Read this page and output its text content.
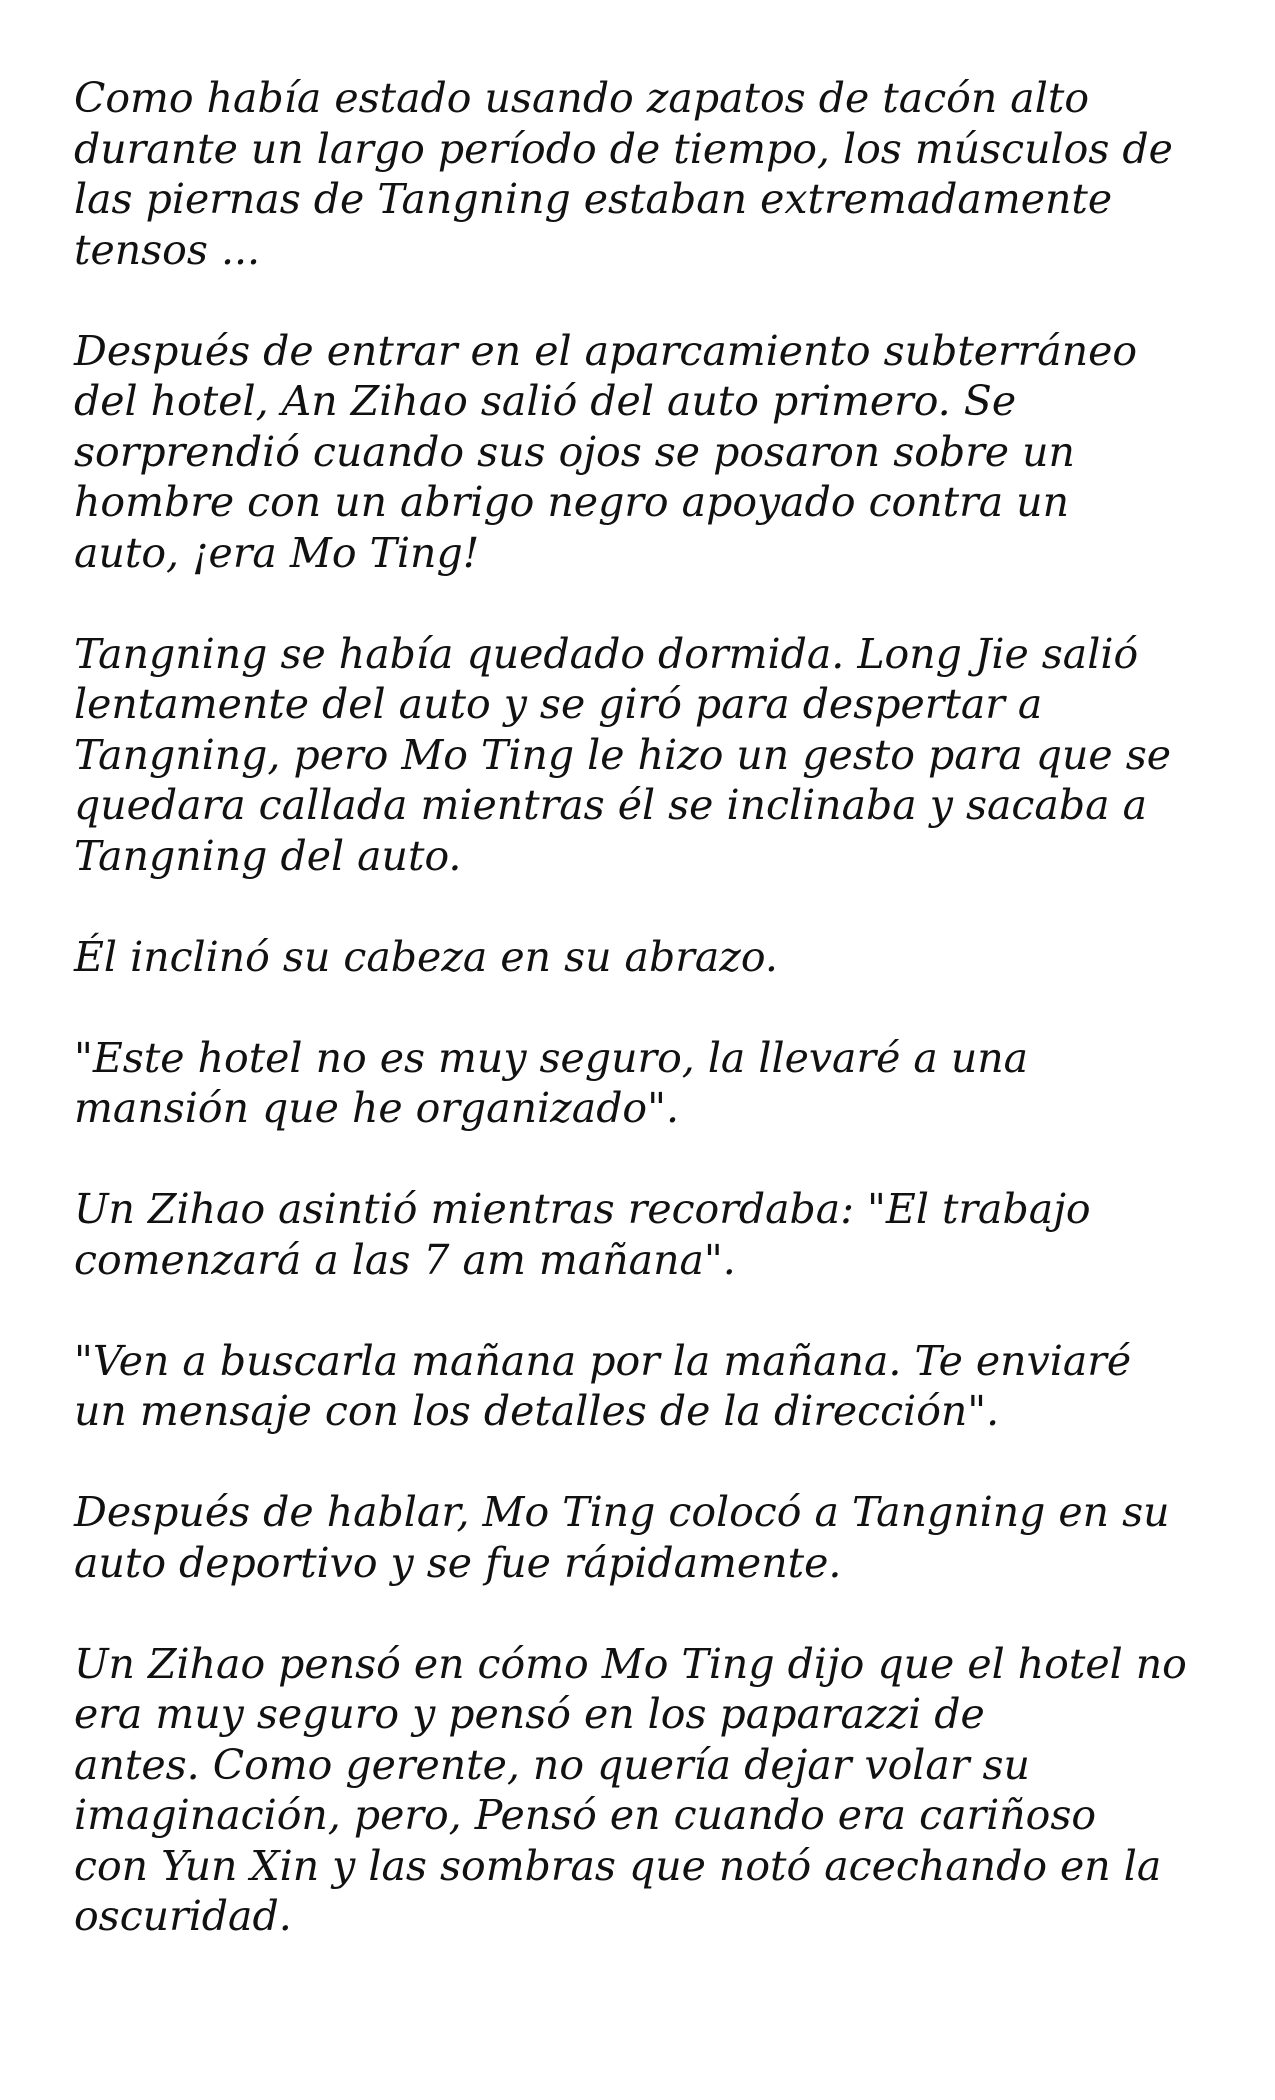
Como había estado usando zapatos de tacón alto
durante un largo período de tiempo, los músculos de
las piernas de Tangning estaban extremadamente
tensos ...

Después de entrar en el aparcamiento subterráneo
del hotel, An Zihao salió del auto primero. Se
sorprendió cuando sus ojos se posaron sobre un
hombre con un abrigo negro apoyado contra un
auto, ¡era Mo Ting!

Tangning se había quedado dormida. Long Jie salió
lentamente del auto y se giró para despertar a
Tangning, pero Mo Ting le hizo un gesto para que se
quedara callada mientras él se inclinaba y sacaba a
Tangning del auto.

Él inclinó su cabeza en su abrazo.

"Este hotel no es muy seguro, la llevaré a una
mansión que he organizado".

Un Zihao asintió mientras recordaba: "El trabajo
comenzará a las 7 am mañana".

"Ven a buscarla mañana por la mañana. Te enviaré
un mensaje con los detalles de la dirección".

Después de hablar, Mo Ting colocó a Tangning en su
auto deportivo y se fue rápidamente.

Un Zihao pensó en cómo Mo Ting dijo que el hotel no
era muy seguro y pensó en los paparazzi de
antes. Como gerente, no quería dejar volar su
imaginación, pero, Pensó en cuando era cariñoso
con Yun Xin y las sombras que notó acechando en la
oscuridad.
